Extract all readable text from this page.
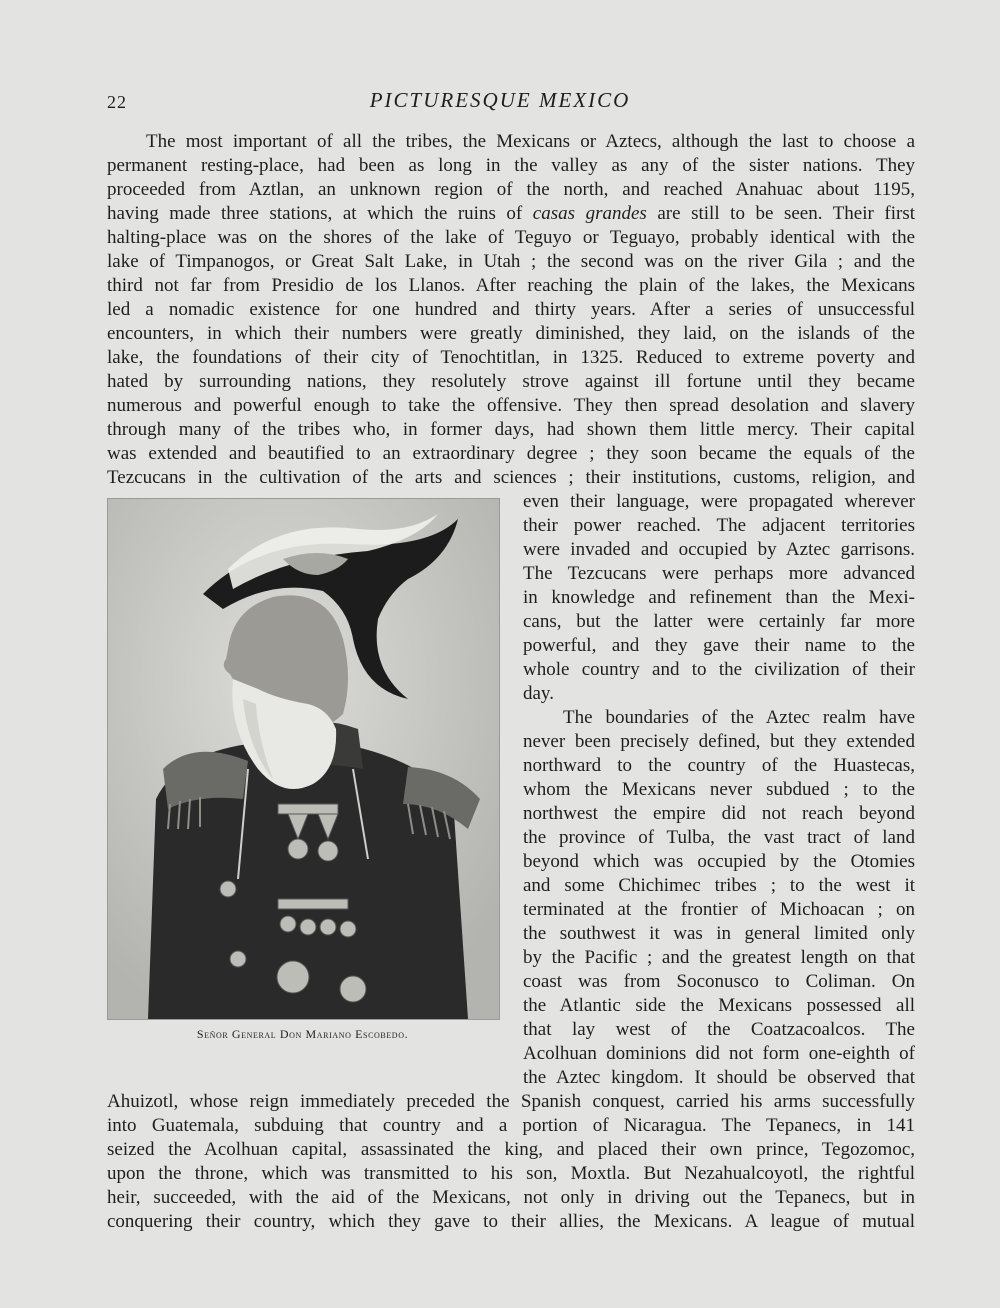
22	PICTURESQUE MEXICO
The most important of all the tribes, the Mexicans or Aztecs, although the last to choose a
permanent resting-place, had been as long in the valley as any of the sister nations. They
proceeded from Aztlan, an unknown region of the north, and reached Anahuac about 1195,
having made three stations, at which the ruins of casas grandes are still to be seen. Their first
halting-place was on the shores of the lake of Teguyo or Teguayo, probably identical with the
lake of Timpanogos, or Great Salt Lake, in Utah ; the second was on the river Gila ; and the
third not far from Presidio de los Llanos. After reaching the plain of the lakes, the Mexicans
led a nomadic existence for one hundred and thirty years. After a series of unsuccessful
encounters, in which their numbers were greatly diminished, they laid, on the islands of the
lake, the foundations of their city of Tenochtitlan, in 1325. Reduced to extreme poverty and
hated by surrounding nations, they resolutely strove against ill fortune until they became
numerous and powerful enough to take the offensive. They then spread desolation and slavery
through many of the tribes who, in former days, had shown them little mercy. Their capital
was extended and beautified to an extraordinary degree ; they soon became the equals of the
Tezcucans in the cultivation of the arts and sciences ; their institutions, customs, religion, and
even their language, were propagated wherever
their power reached. The adjacent territories
were invaded and occupied by Aztec garrisons.
The Tezcucans were perhaps more advanced
in knowledge and refinement than the Mexi-
cans, but the latter were certainly far more
powerful, and they gave their name to the
whole country and to the civilization of their
day.
The boundaries of the Aztec realm have
never been precisely defined, but they extended
northward to the country of the Huastecas,
whom the Mexicans never subdued ; to the
northwest the empire did not reach beyond
the province of Tulba, the vast tract of land
beyond which was occupied by the Otomies
and some Chichimec tribes ; to the west it
terminated at the frontier of Michoacan ; on
the southwest it was in general limited only
by the Pacific ; and the greatest length on that
coast was from Soconusco to Coliman. On
the Atlantic side the Mexicans possessed all
that lay west of the Coatzacoalcos. The
Acolhuan dominions did not form one-eighth of
the Aztec kingdom. It should be observed that
Ahuizotl, whose reign immediately preceded the Spanish conquest, carried his arms successfully
into Guatemala, subduing that country and a portion of Nicaragua. The Tepanecs, in 141
seized the Acolhuan capital, assassinated the king, and placed their own prince, Tegozomoc,
upon the throne, which was transmitted to his son, Moxtla. But Nezahualcoyotl, the rightful
heir, succeeded, with the aid of the Mexicans, not only in driving out the Tepanecs, but in
conquering their country, which they gave to their allies, the Mexicans. A league of mutual
Señor General Don Mariano Escobedo.
